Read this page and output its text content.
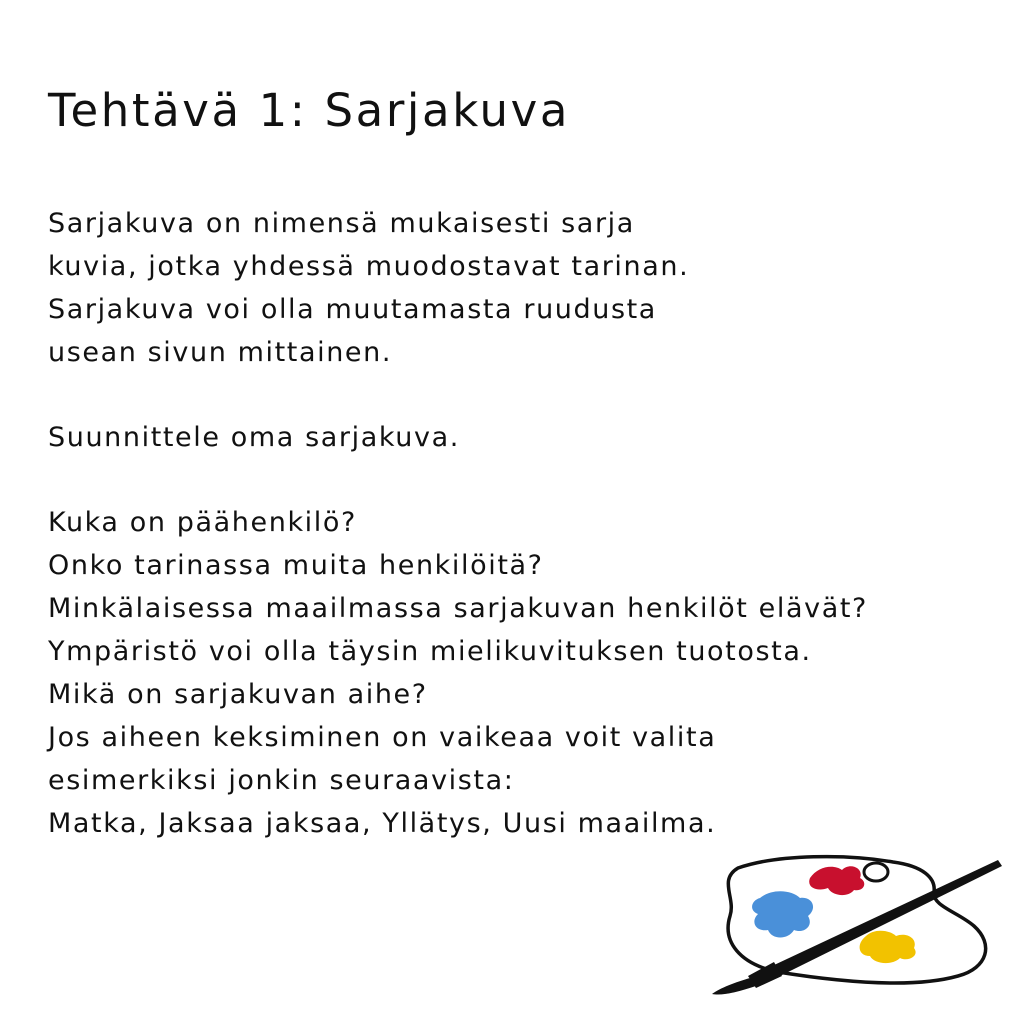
Tehtävä 1: Sarjakuva
Sarjakuva on nimensä mukaisesti sarja
kuvia, jotka yhdessä muodostavat tarinan.
Sarjakuva voi olla muutamasta ruudusta
usean sivun mittainen.
Suunnittele oma sarjakuva.
Kuka on päähenkilö?
Onko tarinassa muita henkilöitä?
Minkälaisessa maailmassa sarjakuvan henkilöt elävät?
Ympäristö voi olla täysin mielikuvituksen tuotosta.
Mikä on sarjakuvan aihe?
Jos aiheen keksiminen on vaikeaa voit valita
esimerkiksi jonkin seuraavista:
Matka, Jaksaa jaksaa, Yllätys, Uusi maailma.
